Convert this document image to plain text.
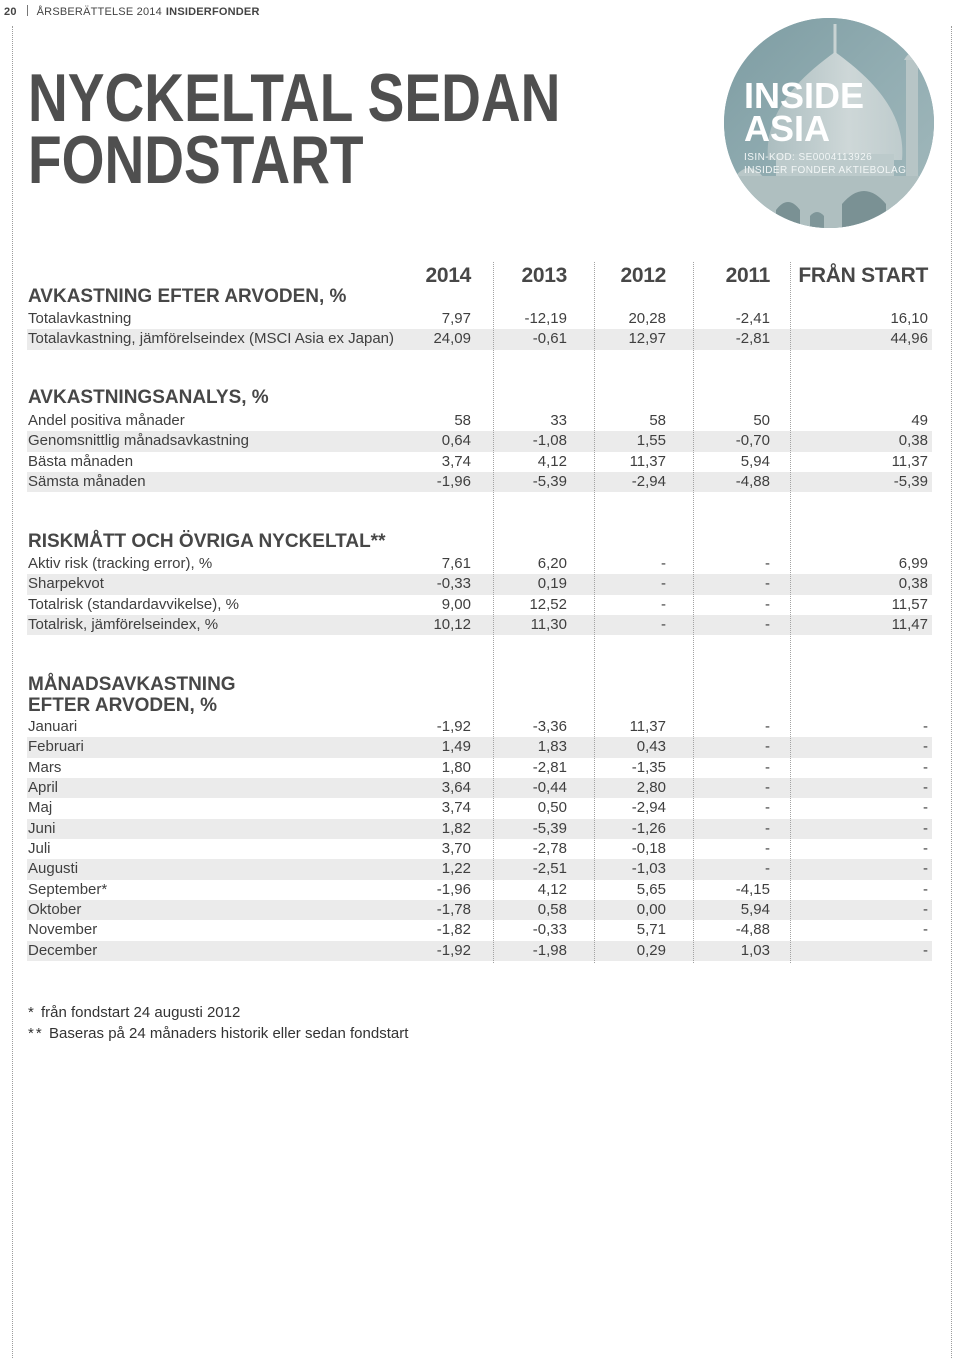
20 ÅRSBERÄTTELSE 2014 INSIDERFONDER
NYCKELTAL SEDAN
FONDSTART
INSIDE
ASIA
ISIN-KOD: SE0004113926
INSIDER FONDER AKTIEBOLAG
2014	2013	2012	2011	FRÅN START
AVKASTNING EFTER ARVODEN, %
Totalavkastning	7,97	-12,19	20,28	-2,41	16,10
Totalavkastning, jämförelseindex (MSCI Asia ex Japan)	24,09	-0,61	12,97	-2,81	44,96
AVKASTNINGSANALYS, %
Andel positiva månader	58	33	58	50	49
Genomsnittlig månadsavkastning	0,64	-1,08	1,55	-0,70	0,38
Bästa månaden	3,74	4,12	11,37	5,94	11,37
Sämsta månaden	-1,96	-5,39	-2,94	-4,88	-5,39
RISKMÅTT OCH ÖVRIGA NYCKELTAL**
Aktiv risk (tracking error), %	7,61	6,20	-	-	6,99
Sharpekvot	-0,33	0,19	-	-	0,38
Totalrisk (standardavvikelse), %	9,00	12,52	-	-	11,57
Totalrisk, jämförelseindex, %	10,12	11,30	-	-	11,47
MÅNADSAVKASTNING
EFTER ARVODEN, %
Januari	-1,92	-3,36	11,37	-	-
Februari	1,49	1,83	0,43	-	-
Mars	1,80	-2,81	-1,35	-	-
April	3,64	-0,44	2,80	-	-
Maj	3,74	0,50	-2,94	-	-
Juni	1,82	-5,39	-1,26	-	-
Juli	3,70	-2,78	-0,18	-	-
Augusti	1,22	-2,51	-1,03	-	-
September*	-1,96	4,12	5,65	-4,15	-
Oktober	-1,78	0,58	0,00	5,94	-
November	-1,82	-0,33	5,71	-4,88	-
December	-1,92	-1,98	0,29	1,03	-
* från fondstart 24 augusti 2012
** Baseras på 24 månaders historik eller sedan fondstart
